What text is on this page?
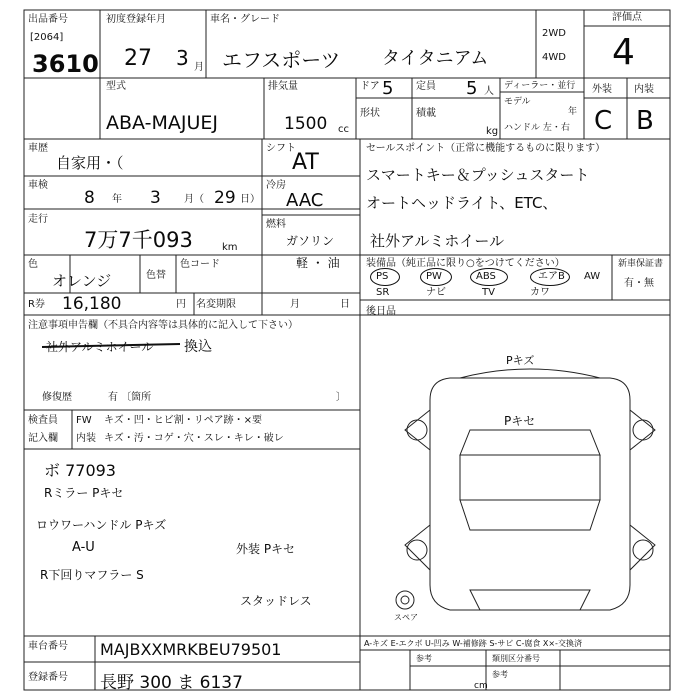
出品番号
[2064]
3610
初度登録年月
27 3 月
車名・グレード
エフスポーツ タイタニアム
2WD
4WD
評価点
4
外装 内装
C B
型式
ABA-MAJUEJ
排気量
1500 cc
ドア 5 定員 5 人
形状	積載
kg
ディーラー・並行
モデル
年
ハンドル 左・右
車歴
自家用・（
シフト
AT
車検
8 年 3 月（ 29 日）
冷房
AAC
走行
7万7千093	km
燃料
ガソリン
軽 ・ 油
色
オレンジ	色替
色コード
R券 16,180	円 名変期限	月	日
セールスポイント（正常に機能するものに限ります）
スマートキー＆プッシュスタート
オートヘッドライト、ETC、
社外アルミホイール
装備品（純正品に限り○をつけてください）	新車保証書
有・無
PS	PW	ABS	エアB AW
SR	ナビ	TV	カワ
後日品
注意事項申告欄（不具合内容等は具体的に記入して下さい）
社外アルミホイール 換込
修復歴	有 〔箇所	〕
検査員
記入欄
FW キズ・凹・ヒビ割・リペア跡・×要
内装 キズ・汚・コゲ・穴・スレ・キレ・破レ
ボ 77093
Rミラー Pキセ
ロウワーハンドル Pキズ
A-U
R下回りマフラー S
外装 Pキセ
スタッドレス
Pキズ
Pキセ
スペア
A-キズ E-エクボ U-凹み W-補修跡 S-サビ C-腐食 X×-交換済
車台番号 MAJBXXMRKBEU79501
登録番号 長野 300 ま 6137
類別区分番号
参考
参考
cm
